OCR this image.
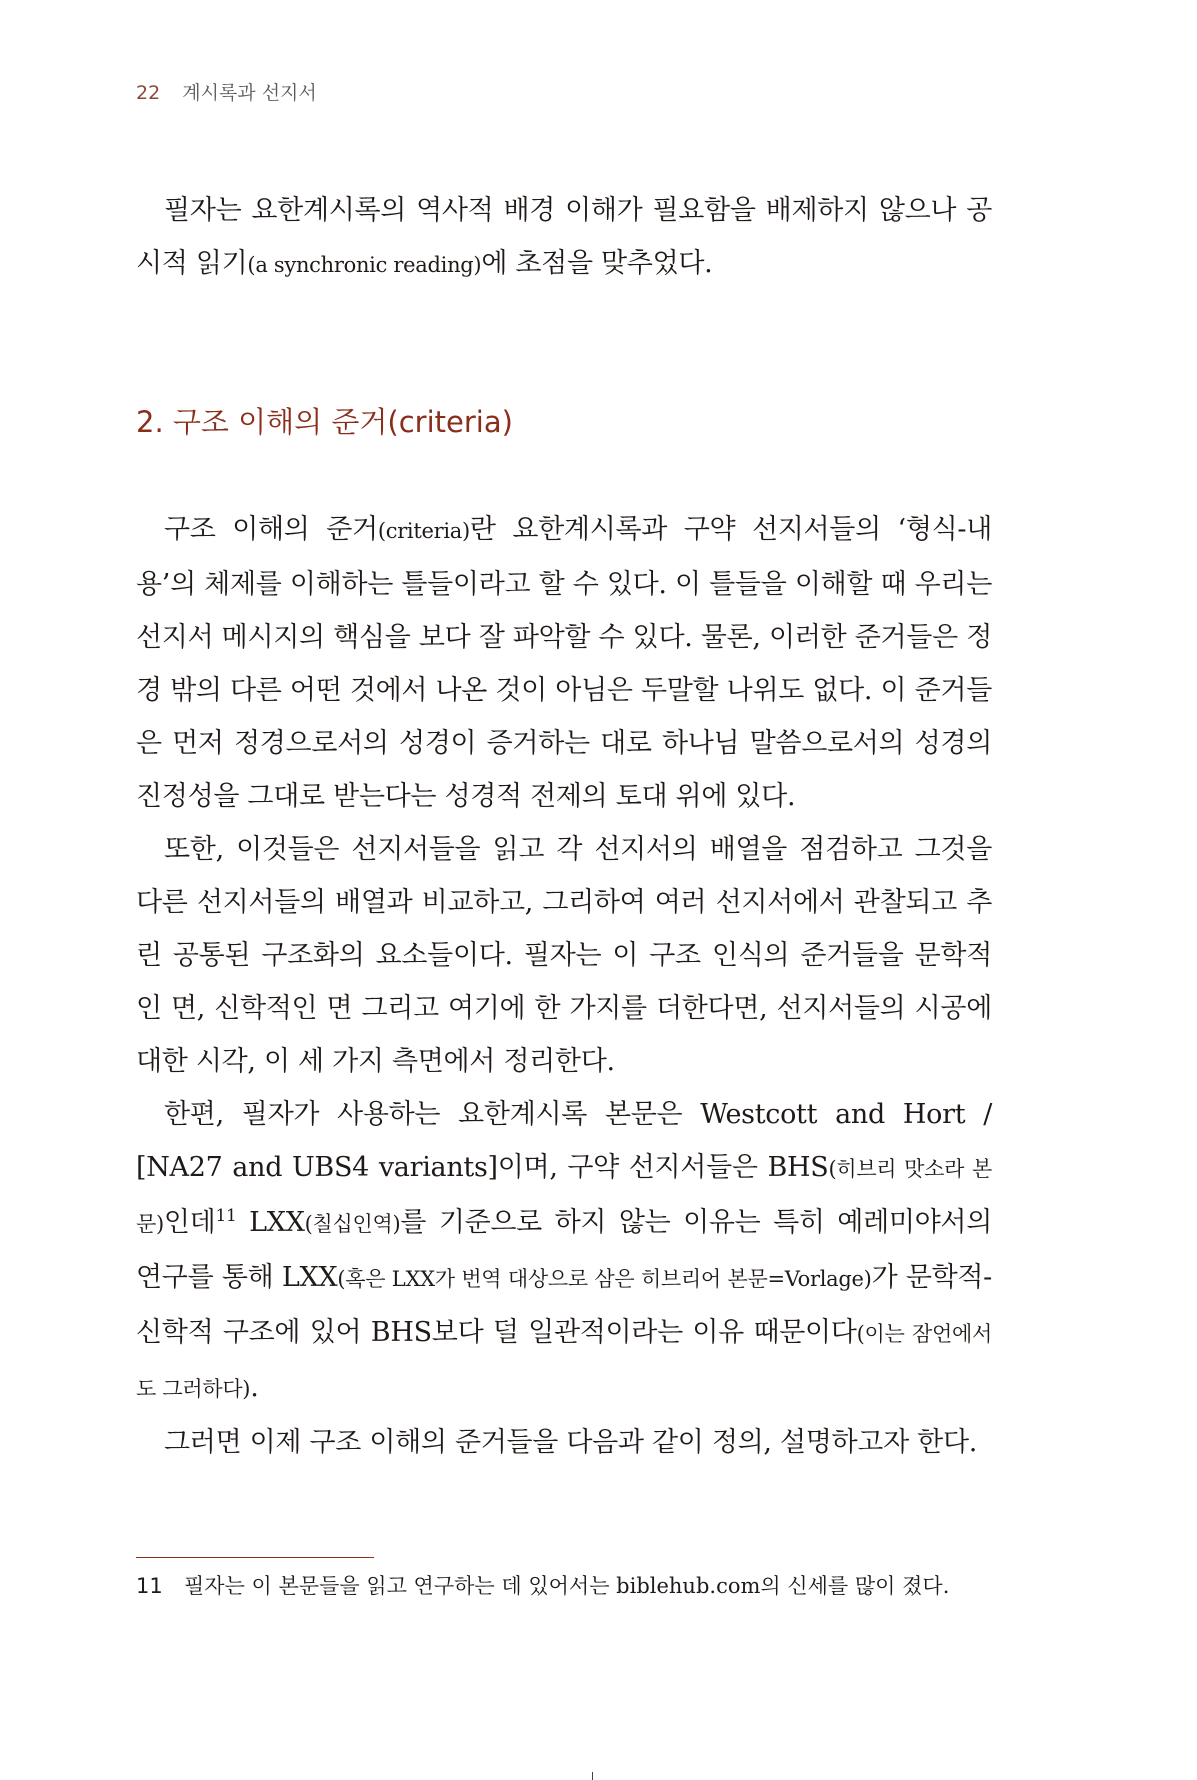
22 계시록과 선지서

필자는 요한계시록의 역사적 배경 이해가 필요함을 배제하지 않으나 공시적 읽기(a synchronic reading)에 초점을 맞추었다.

2. 구조 이해의 준거(criteria)

구조 이해의 준거(criteria)란 요한계시록과 구약 선지서들의 ‘형식-내용’의 체제를 이해하는 틀들이라고 할 수 있다. 이 틀들을 이해할 때 우리는 선지서 메시지의 핵심을 보다 잘 파악할 수 있다. 물론, 이러한 준거들은 정경 밖의 다른 어떤 것에서 나온 것이 아님은 두말할 나위도 없다. 이 준거들은 먼저 정경으로서의 성경이 증거하는 대로 하나님 말씀으로서의 성경의 진정성을 그대로 받는다는 성경적 전제의 토대 위에 있다.

또한, 이것들은 선지서들을 읽고 각 선지서의 배열을 점검하고 그것을 다른 선지서들의 배열과 비교하고, 그리하여 여러 선지서에서 관찰되고 추린 공통된 구조화의 요소들이다. 필자는 이 구조 인식의 준거들을 문학적인 면, 신학적인 면 그리고 여기에 한 가지를 더한다면, 선지서들의 시공에 대한 시각, 이 세 가지 측면에서 정리한다.

한편, 필자가 사용하는 요한계시록 본문은 Westcott and Hort / [NA27 and UBS4 variants]이며, 구약 선지서들은 BHS(히브리 맛소라 본문)인데$^{11}$ LXX(칠십인역)를 기준으로 하지 않는 이유는 특히 예레미야서의 연구를 통해 LXX(혹은 LXX가 번역 대상으로 삼은 히브리어 본문=Vorlage)가 문학적-신학적 구조에 있어 BHS보다 덜 일관적이라는 이유 때문이다(이는 잠언에서도 그러하다).

그러면 이제 구조 이해의 준거들을 다음과 같이 정의, 설명하고자 한다.

11 필자는 이 본문들을 읽고 연구하는 데 있어서는 biblehub.com의 신세를 많이 졌다.
